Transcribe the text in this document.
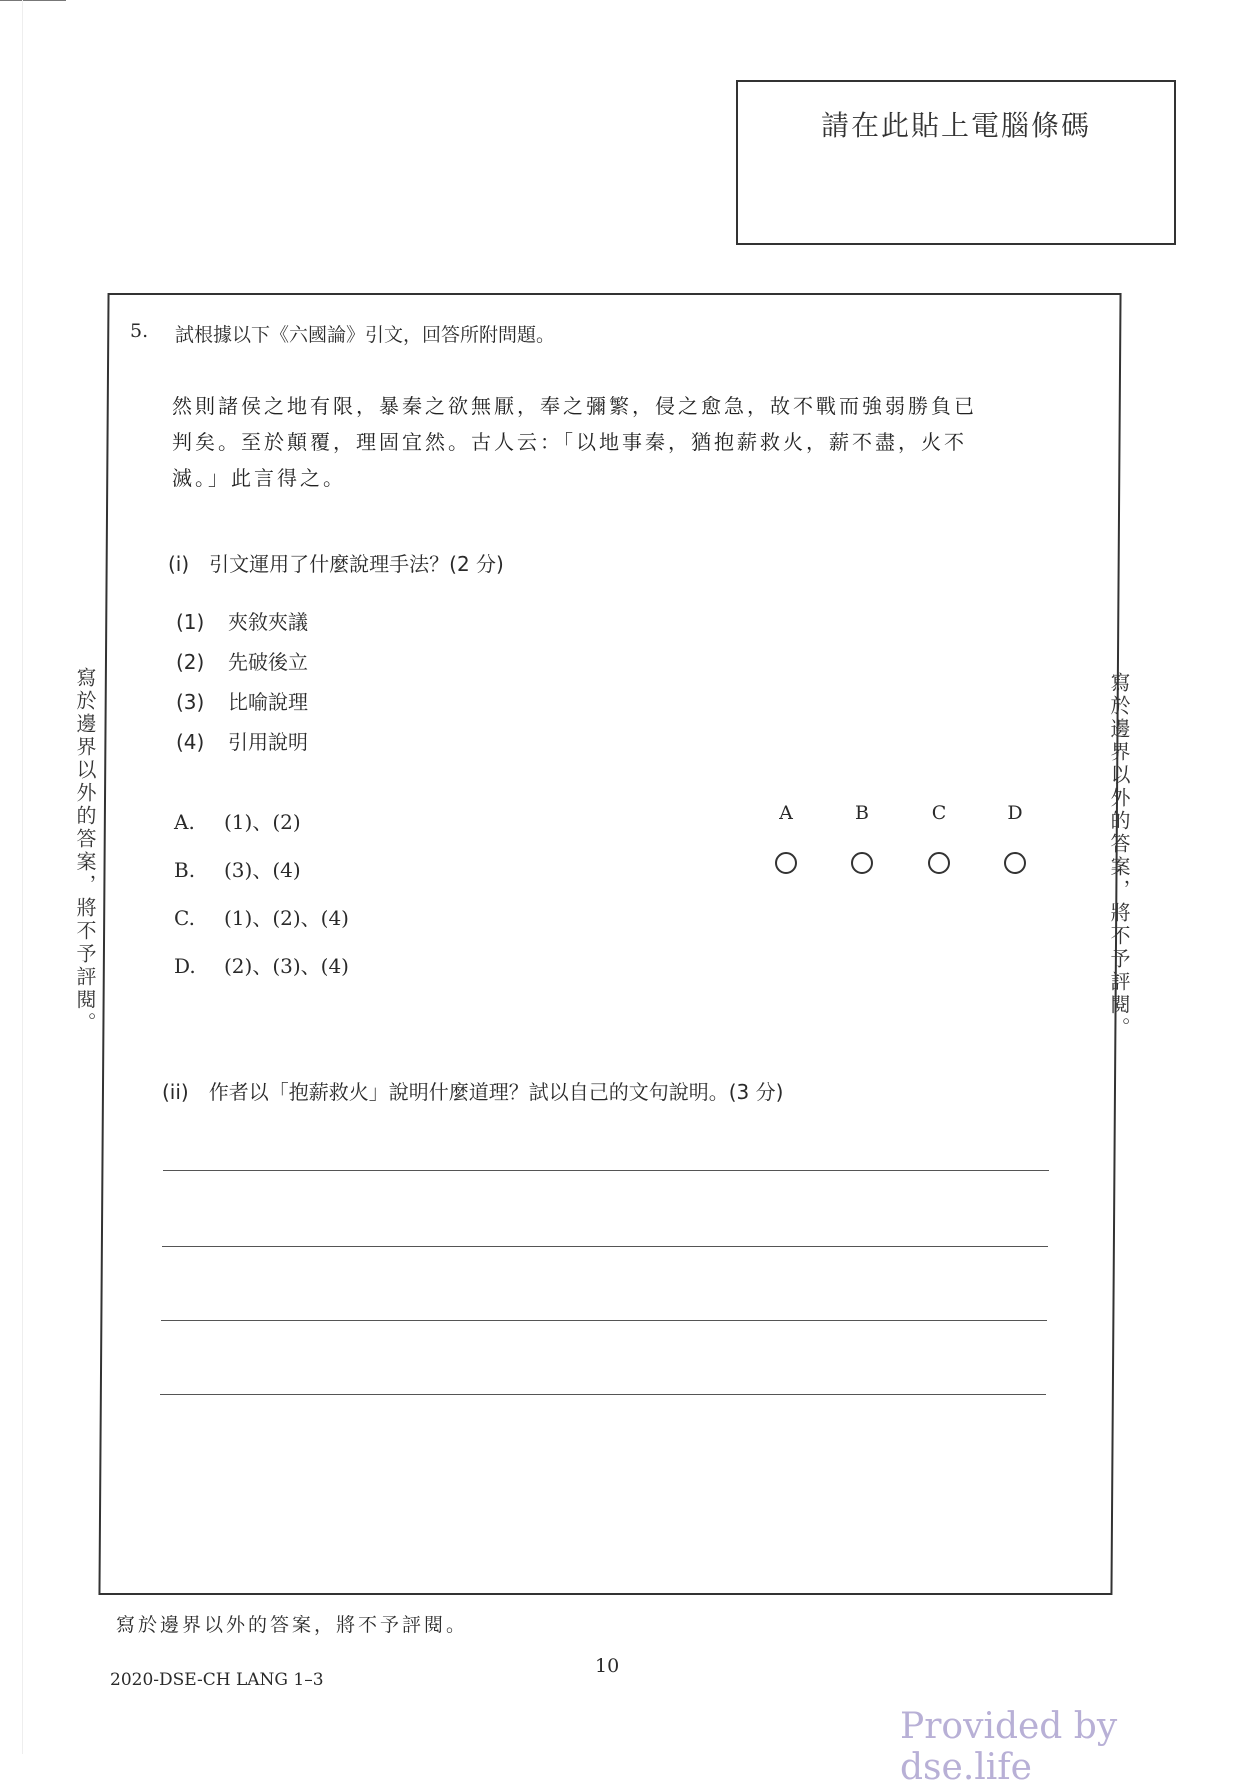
請在此貼上電腦條碼
寫於邊界以外的答案，將不予評閱。	寫於邊界以外的答案，將不予評閱。
5. 試根據以下《六國論》引文，回答所附問題。
然則諸侯之地有限，暴秦之欲無厭，奉之彌繁，侵之愈急，故不戰而強弱勝負已
判矣。至於顛覆，理固宜然。古人云：「以地事秦，猶抱薪救火，薪不盡，火不
滅。」此言得之。
(i)　引文運用了什麼說理手法？(2 分)
(1) 夾敘夾議
(2) 先破後立
(3) 比喻說理
(4) 引用說明
A. (1)、(2)
B. (3)、(4)
C. (1)、(2)、(4)
D. (2)、(3)、(4)
A	B	C	D
(ii)　作者以「抱薪救火」說明什麼道理？試以自己的文句說明。(3 分)
寫於邊界以外的答案，將不予評閱。
10
2020-DSE-CH LANG 1–3
Provided by dse.life
